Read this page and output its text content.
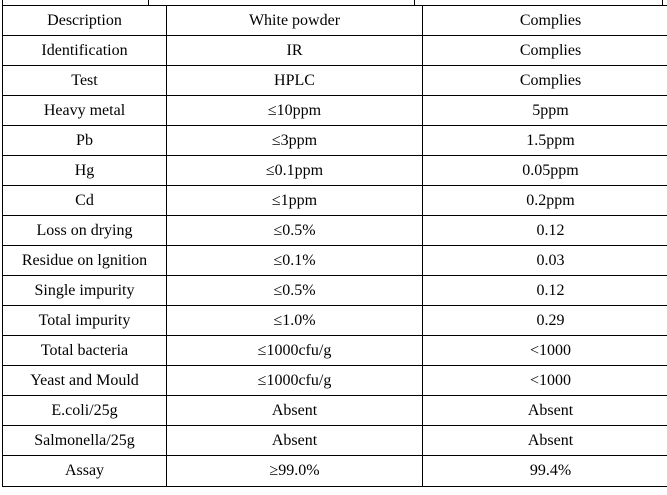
Description	White powder	Complies
Identification	IR	Complies
Test	HPLC	Complies
Heavy metal	≤10ppm	5ppm
Pb	≤3ppm	1.5ppm
Hg	≤0.1ppm	0.05ppm
Cd	≤1ppm	0.2ppm
Loss on drying	≤0.5%	0.12
Residue on lgnition	≤0.1%	0.03
Single impurity	≤0.5%	0.12
Total impurity	≤1.0%	0.29
Total bacteria	≤1000cfu/g	<1000
Yeast and Mould	≤1000cfu/g	<1000
E.coli/25g	Absent	Absent
Salmonella/25g	Absent	Absent
Assay	≥99.0%	99.4%
